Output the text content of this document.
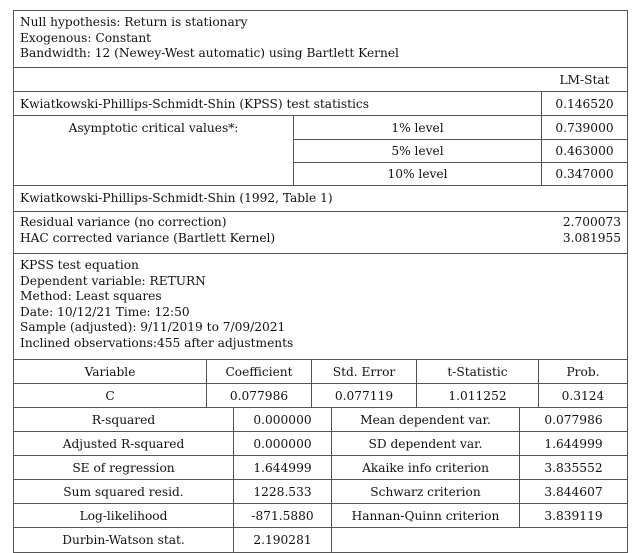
Null hypothesis: Return is stationary
Exogenous: Constant
Bandwidth: 12 (Newey-West automatic) using Bartlett Kernel
LM-Stat
Kwiatkowski-Phillips-Schmidt-Shin (KPSS) test statistics	0.146520
Asymptotic critical values*:	1% level	0.739000
5% level	0.463000
10% level	0.347000
Kwiatkowski-Phillips-Schmidt-Shin (1992, Table 1)
Residual variance (no correction)	2.700073
HAC corrected variance (Bartlett Kernel)	3.081955
KPSS test equation
Dependent variable: RETURN
Method: Least squares
Date: 10/12/21 Time: 12:50
Sample (adjusted): 9/11/2019 to 7/09/2021
Inclined observations:455 after adjustments
Variable	Coefficient	Std. Error	t-Statistic	Prob.
C	0.077986	0.077119	1.011252	0.3124
R-squared	0.000000	Mean dependent var.	0.077986
Adjusted R-squared	0.000000	SD dependent var.	1.644999
SE of regression	1.644999	Akaike info criterion	3.835552
Sum squared resid.	1228.533	Schwarz criterion	3.844607
Log-likelihood	-871.5880	Hannan-Quinn criterion	3.839119
Durbin-Watson stat.	2.190281
